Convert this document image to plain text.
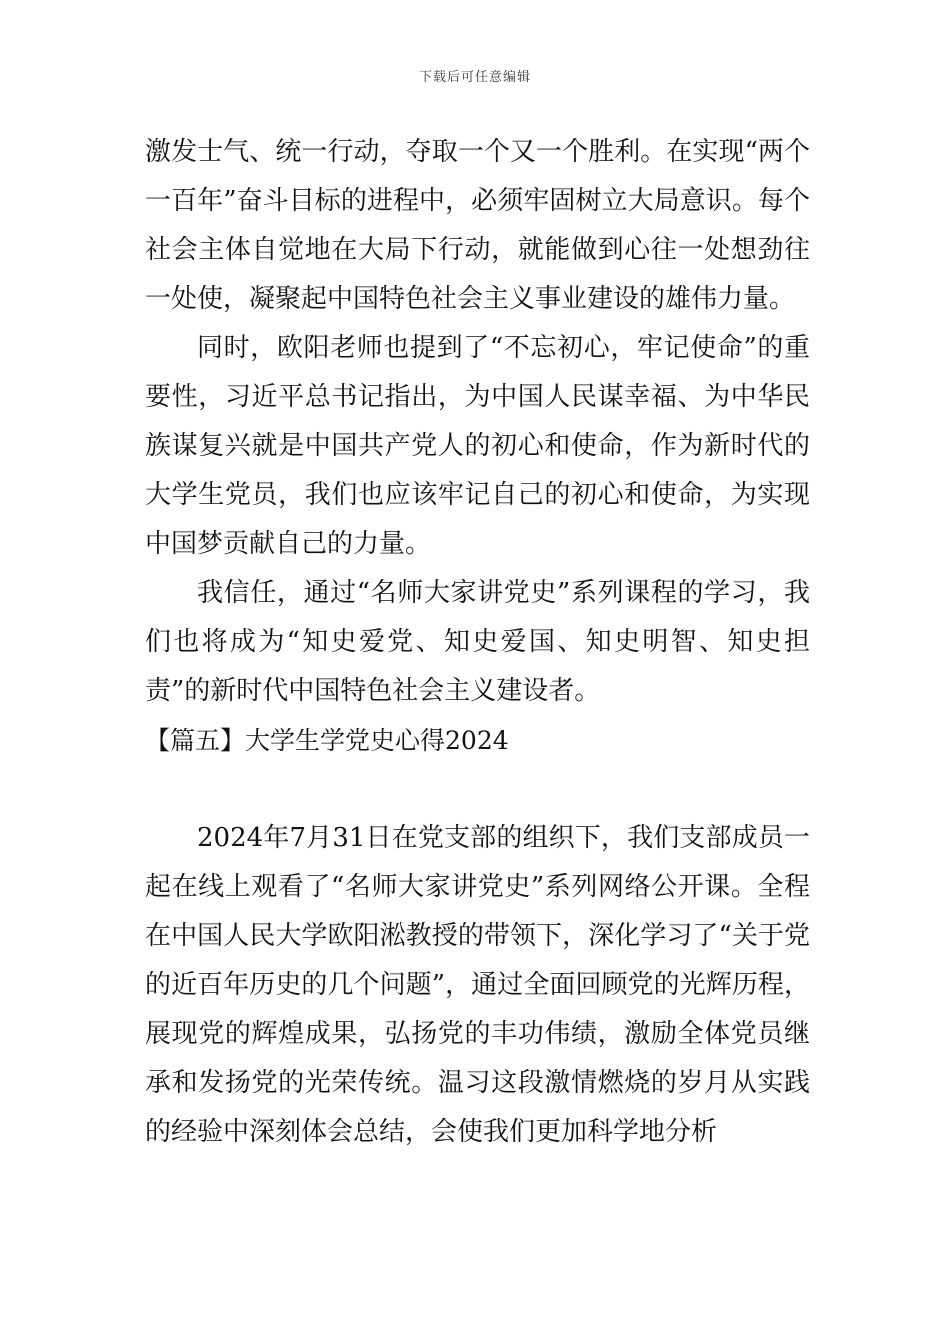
下载后可任意编辑

激发士气、统一行动，夺取一个又一个胜利。在实现“两个一百年”奋斗目标的进程中，必须牢固树立大局意识。每个社会主体自觉地在大局下行动，就能做到心往一处想劲往一处使，凝聚起中国特色社会主义事业建设的雄伟力量。

同时，欧阳老师也提到了“不忘初心，牢记使命”的重要性，习近平总书记指出，为中国人民谋幸福、为中华民族谋复兴就是中国共产党人的初心和使命，作为新时代的大学生党员，我们也应该牢记自己的初心和使命，为实现中国梦贡献自己的力量。

我信任，通过“名师大家讲党史”系列课程的学习，我们也将成为“知史爱党、知史爱国、知史明智、知史担责”的新时代中国特色社会主义建设者。

【篇五】大学生学党史心得2024

2024年7月31日在党支部的组织下，我们支部成员一起在线上观看了“名师大家讲党史”系列网络公开课。全程在中国人民大学欧阳淞教授的带领下，深化学习了“关于党的近百年历史的几个问题”，通过全面回顾党的光辉历程，展现党的辉煌成果，弘扬党的丰功伟绩，激励全体党员继承和发扬党的光荣传统。温习这段激情燃烧的岁月从实践的经验中深刻体会总结，会使我们更加科学地分析
